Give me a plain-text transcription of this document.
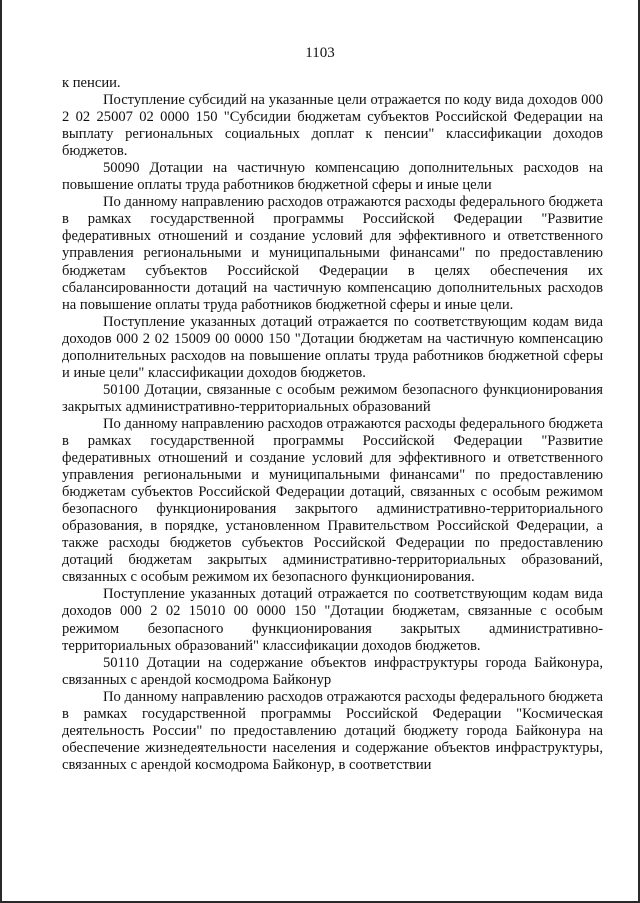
1103

к пенсии.

Поступление субсидий на указанные цели отражается по коду вида доходов 000 2 02 25007 02 0000 150 "Субсидии бюджетам субъектов Российской Федерации на выплату региональных социальных доплат к пенсии" классификации доходов бюджетов.

50090 Дотации на частичную компенсацию дополнительных расходов на повышение оплаты труда работников бюджетной сферы и иные цели

По данному направлению расходов отражаются расходы федерального бюджета в рамках государственной программы Российской Федерации "Развитие федеративных отношений и создание условий для эффективного и ответственного управления региональными и муниципальными финансами" по предоставлению бюджетам субъектов Российской Федерации в целях обеспечения их сбалансированности дотаций на частичную компенсацию дополнительных расходов на повышение оплаты труда работников бюджетной сферы и иные цели.

Поступление указанных дотаций отражается по соответствующим кодам вида доходов 000 2 02 15009 00 0000 150 "Дотации бюджетам на частичную компенсацию дополнительных расходов на повышение оплаты труда работников бюджетной сферы и иные цели" классификации доходов бюджетов.

50100 Дотации, связанные с особым режимом безопасного функционирования закрытых административно-территориальных образований

По данному направлению расходов отражаются расходы федерального бюджета в рамках государственной программы Российской Федерации "Развитие федеративных отношений и создание условий для эффективного и ответственного управления региональными и муниципальными финансами" по предоставлению бюджетам субъектов Российской Федерации дотаций, связанных с особым режимом безопасного функционирования закрытого административно-территориального образования, в порядке, установленном Правительством Российской Федерации, а также расходы бюджетов субъектов Российской Федерации по предоставлению дотаций бюджетам закрытых административно-территориальных образований, связанных с особым режимом их безопасного функционирования.

Поступление указанных дотаций отражается по соответствующим кодам вида доходов 000 2 02 15010 00 0000 150 "Дотации бюджетам, связанные с особым режимом безопасного функционирования закрытых административно-территориальных образований" классификации доходов бюджетов.

50110 Дотации на содержание объектов инфраструктуры города Байконура, связанных с арендой космодрома Байконур

По данному направлению расходов отражаются расходы федерального бюджета в рамках государственной программы Российской Федерации "Космическая деятельность России" по предоставлению дотаций бюджету города Байконура на обеспечение жизнедеятельности населения и содержание объектов инфраструктуры, связанных с арендой космодрома Байконур, в соответствии
